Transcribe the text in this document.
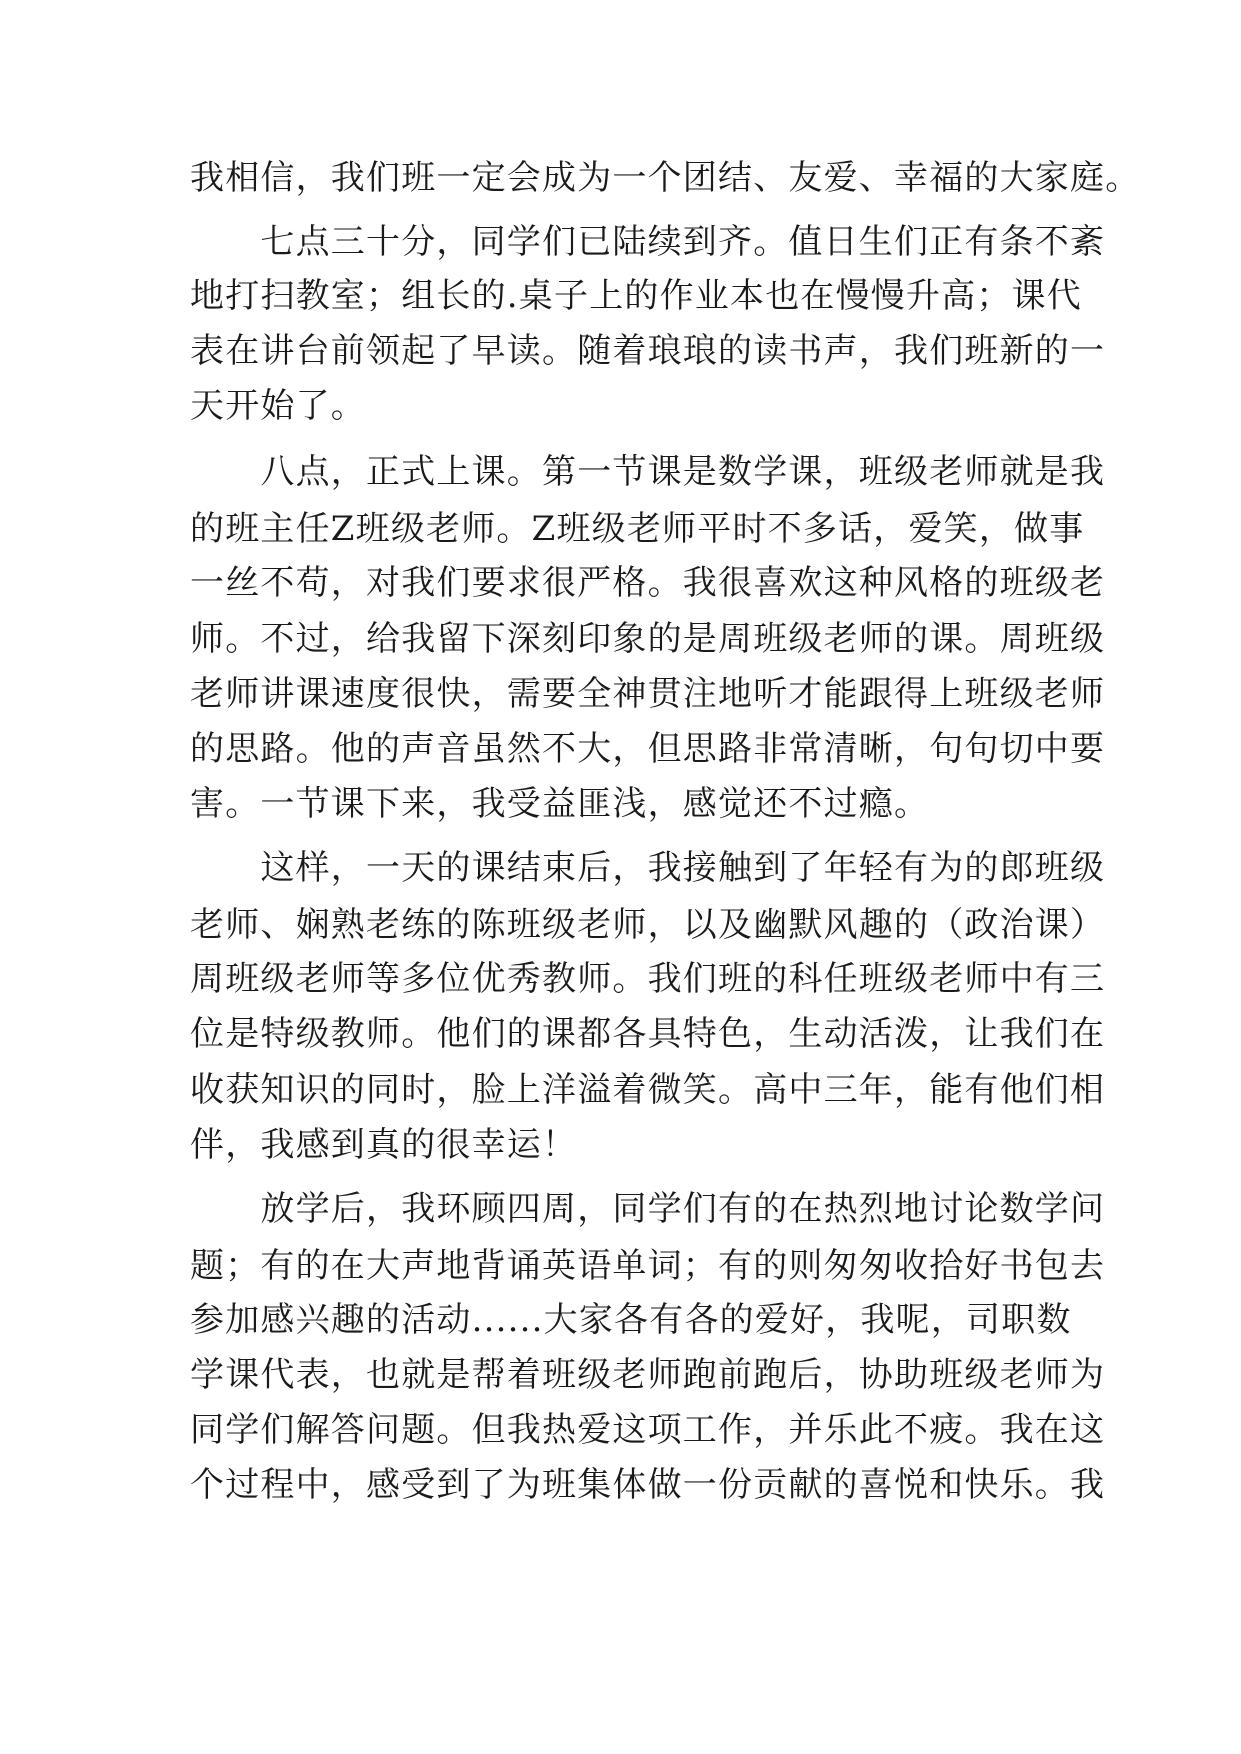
我相信，我们班一定会成为一个团结、友爱、幸福的大家庭。
　　七点三十分，同学们已陆续到齐。值日生们正有条不紊
地打扫教室；组长的.桌子上的作业本也在慢慢升高；课代
表在讲台前领起了早读。随着琅琅的读书声，我们班新的一
天开始了。
　　八点，正式上课。第一节课是数学课，班级老师就是我
的班主任Z班级老师。Z班级老师平时不多话，爱笑，做事
一丝不苟，对我们要求很严格。我很喜欢这种风格的班级老
师。不过，给我留下深刻印象的是周班级老师的课。周班级
老师讲课速度很快，需要全神贯注地听才能跟得上班级老师
的思路。他的声音虽然不大，但思路非常清晰，句句切中要
害。一节课下来，我受益匪浅，感觉还不过瘾。
　　这样，一天的课结束后，我接触到了年轻有为的郎班级
老师、娴熟老练的陈班级老师，以及幽默风趣的（政治课）
周班级老师等多位优秀教师。我们班的科任班级老师中有三
位是特级教师。他们的课都各具特色，生动活泼，让我们在
收获知识的同时，脸上洋溢着微笑。高中三年，能有他们相
伴，我感到真的很幸运！
　　放学后，我环顾四周，同学们有的在热烈地讨论数学问
题；有的在大声地背诵英语单词；有的则匆匆收拾好书包去
参加感兴趣的活动......大家各有各的爱好，我呢，司职数
学课代表，也就是帮着班级老师跑前跑后，协助班级老师为
同学们解答问题。但我热爱这项工作，并乐此不疲。我在这
个过程中，感受到了为班集体做一份贡献的喜悦和快乐。我
